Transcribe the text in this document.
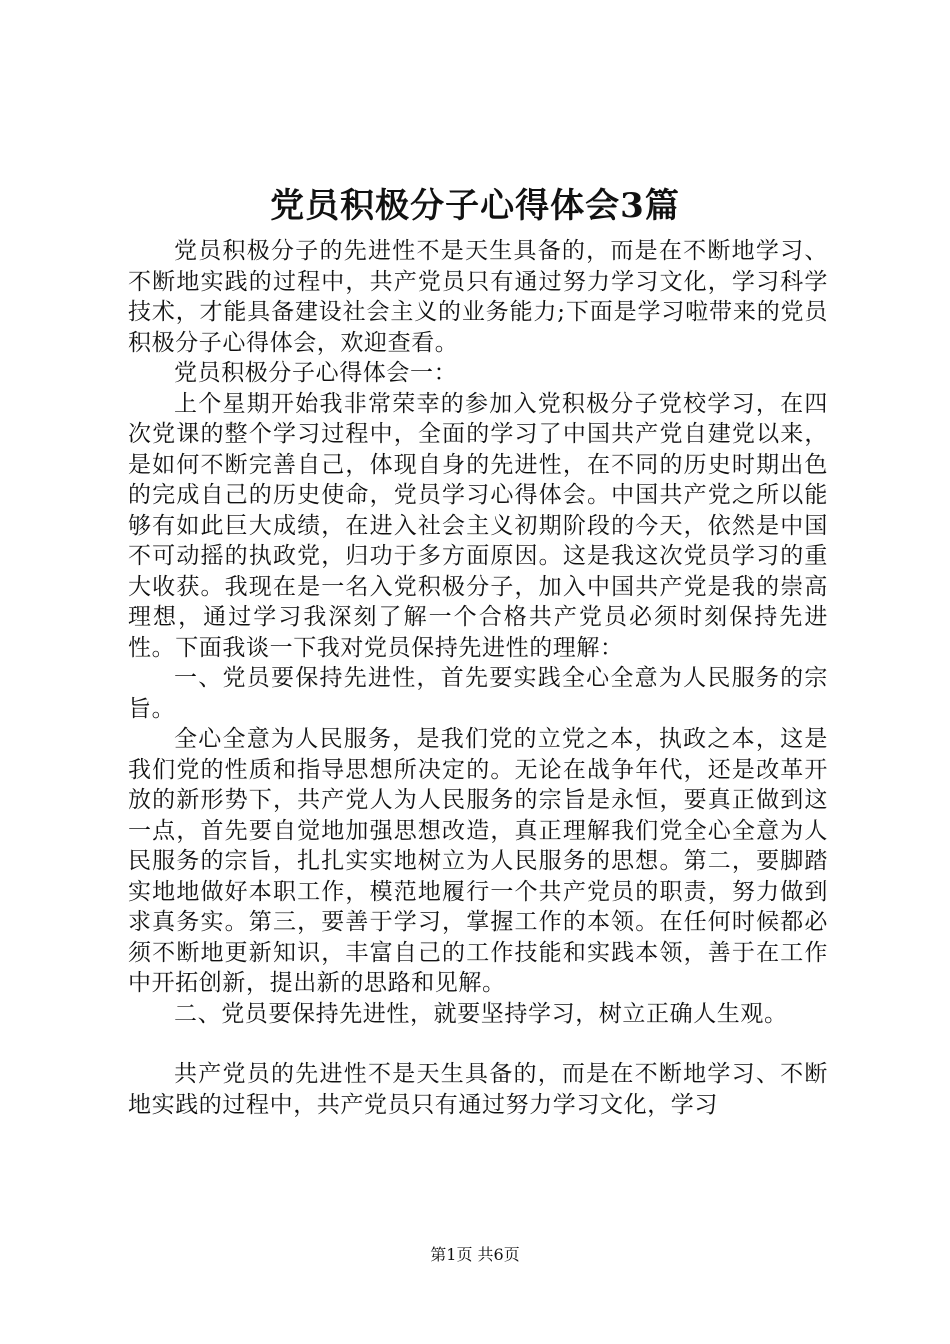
党员积极分子心得体会3篇

党员积极分子的先进性不是天生具备的，而是在不断地学习、不断地实践的过程中，共产党员只有通过努力学习文化，学习科学技术，才能具备建设社会主义的业务能力;下面是学习啦带来的党员积极分子心得体会，欢迎查看。

党员积极分子心得体会一：

上个星期开始我非常荣幸的参加入党积极分子党校学习，在四次党课的整个学习过程中，全面的学习了中国共产党自建党以来，是如何不断完善自己，体现自身的先进性，在不同的历史时期出色的完成自己的历史使命，党员学习心得体会。中国共产党之所以能够有如此巨大成绩，在进入社会主义初期阶段的今天，依然是中国不可动摇的执政党，归功于多方面原因。这是我这次党员学习的重大收获。我现在是一名入党积极分子，加入中国共产党是我的崇高理想，通过学习我深刻了解一个合格共产党员必须时刻保持先进性。下面我谈一下我对党员保持先进性的理解：

一、党员要保持先进性，首先要实践全心全意为人民服务的宗旨。

全心全意为人民服务，是我们党的立党之本，执政之本，这是我们党的性质和指导思想所决定的。无论在战争年代，还是改革开放的新形势下，共产党人为人民服务的宗旨是永恒，要真正做到这一点，首先要自觉地加强思想改造，真正理解我们党全心全意为人民服务的宗旨，扎扎实实地树立为人民服务的思想。第二，要脚踏实地地做好本职工作，模范地履行一个共产党员的职责，努力做到求真务实。第三，要善于学习，掌握工作的本领。在任何时候都必须不断地更新知识，丰富自己的工作技能和实践本领，善于在工作中开拓创新，提出新的思路和见解。

二、党员要保持先进性，就要坚持学习，树立正确人生观。

共产党员的先进性不是天生具备的，而是在不断地学习、不断地实践的过程中，共产党员只有通过努力学习文化，学习

第1页 共6页
